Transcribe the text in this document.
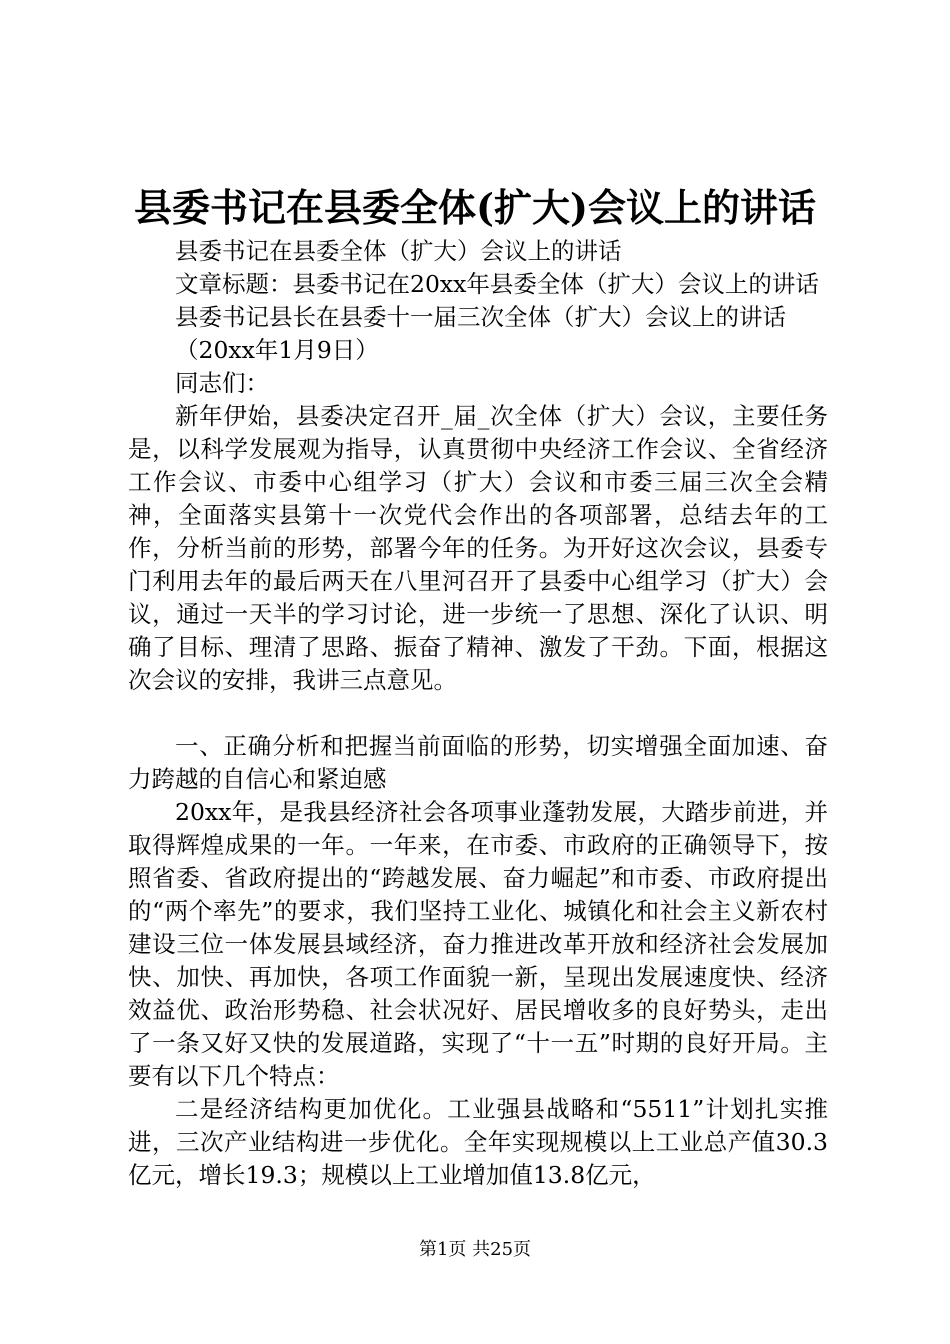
县委书记在县委全体(扩大)会议上的讲话

县委书记在县委全体（扩大）会议上的讲话

文章标题：县委书记在20xx年县委全体（扩大）会议上的讲话

县委书记县长在县委十一届三次全体（扩大）会议上的讲话

（20xx年1月9日）

同志们：

新年伊始，县委决定召开_届_次全体（扩大）会议，主要任务是，以科学发展观为指导，认真贯彻中央经济工作会议、全省经济工作会议、市委中心组学习（扩大）会议和市委三届三次全会精神，全面落实县第十一次党代会作出的各项部署，总结去年的工作，分析当前的形势，部署今年的任务。为开好这次会议，县委专门利用去年的最后两天在八里河召开了县委中心组学习（扩大）会议，通过一天半的学习讨论，进一步统一了思想、深化了认识、明确了目标、理清了思路、振奋了精神、激发了干劲。下面，根据这次会议的安排，我讲三点意见。

一、正确分析和把握当前面临的形势，切实增强全面加速、奋力跨越的自信心和紧迫感

20xx年，是我县经济社会各项事业蓬勃发展，大踏步前进，并取得辉煌成果的一年。一年来，在市委、市政府的正确领导下，按照省委、省政府提出的“跨越发展、奋力崛起”和市委、市政府提出的“两个率先”的要求，我们坚持工业化、城镇化和社会主义新农村建设三位一体发展县域经济，奋力推进改革开放和经济社会发展加快、加快、再加快，各项工作面貌一新，呈现出发展速度快、经济效益优、政治形势稳、社会状况好、居民增收多的良好势头，走出了一条又好又快的发展道路，实现了“十一五”时期的良好开局。主要有以下几个特点：

二是经济结构更加优化。工业强县战略和“5511”计划扎实推进，三次产业结构进一步优化。全年实现规模以上工业总产值30.3亿元，增长19.3；规模以上工业增加值13.8亿元，

第1页 共25页
